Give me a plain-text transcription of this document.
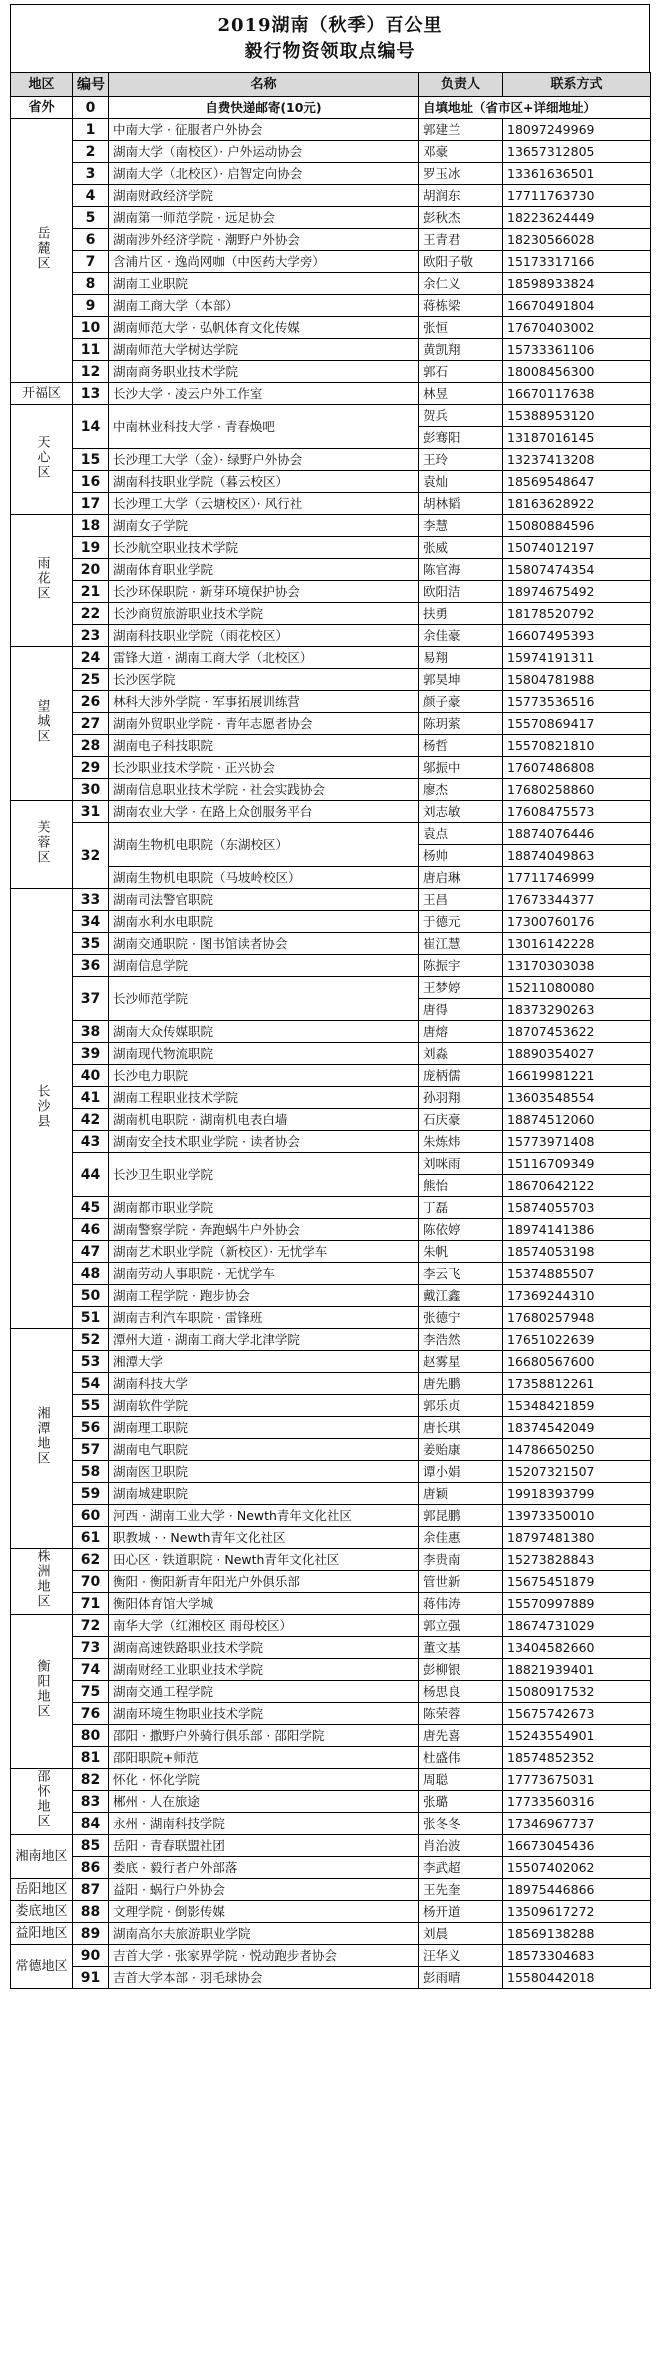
2019湖南（秋季）百公里
毅行物资领取点编号
地区	编号	名称	负责人	联系方式
省外	0	自费快递邮寄(10元)	自填地址（省市区+详细地址）	
岳麓区	1	中南大学 · 征服者户外协会	郭建兰	18097249969
	2	湖南大学（南校区）· 户外运动协会	邓豪	13657312805
	3	湖南大学（北校区）· 启智定向协会	罗玉冰	13361636501
	4	湖南财政经济学院	胡润东	17711763730
	5	湖南第一师范学院 · 远足协会	彭秋杰	18223624449
	6	湖南涉外经济学院 · 潮野户外协会	王青君	18230566028
	7	含浦片区 · 逸尚网咖（中医药大学旁）	欧阳子敬	15173317166
	8	湖南工业职院	余仁义	18598933824
	9	湖南工商大学（本部）	蒋栋梁	16670491804
	10	湖南师范大学 · 弘帆体育文化传媒	张恒	17670403002
	11	湖南师范大学树达学院	黄凯翔	15733361106
	12	湖南商务职业技术学院	郭石	18008456300
开福区	13	长沙大学 · 凌云户外工作室	林昱	16670117638
天心区	14	中南林业科技大学 · 青春焕吧	贺兵	15388953120
			彭骞阳	13187016145
	15	长沙理工大学（金）· 绿野户外协会	王玲	13237413208
	16	湖南科技职业学院（暮云校区）	袁灿	18569548647
	17	长沙理工大学（云塘校区）· 风行社	胡林韬	18163628922
雨花区	18	湖南女子学院	李慧	15080884596
	19	长沙航空职业技术学院	张威	15074012197
	20	湖南体育职业学院	陈官海	15807474354
	21	长沙环保职院 · 新芽环境保护协会	欧阳洁	18974675492
	22	长沙商贸旅游职业技术学院	扶勇	18178520792
	23	湖南科技职业学院（雨花校区）	余佳豪	16607495393
望城区	24	雷锋大道 · 湖南工商大学（北校区）	易翔	15974191311
	25	长沙医学院	郭昊坤	15804781988
	26	林科大涉外学院 · 军事拓展训练营	颜子豪	15773536516
	27	湖南外贸职业学院 · 青年志愿者协会	陈玥萦	15570869417
	28	湖南电子科技职院	杨哲	15570821810
	29	长沙职业技术学院 · 正兴协会	邬振中	17607486808
	30	湖南信息职业技术学院 · 社会实践协会	廖杰	17680258860
芙蓉区	31	湖南农业大学 · 在路上众创服务平台	刘志敏	17608475573
	32	湖南生物机电职院（东湖校区）	袁点	18874076446
			杨帅	18874049863
		湖南生物机电职院（马坡岭校区）	唐启琳	17711746999
长沙县	33	湖南司法警官职院	王昌	17673344377
	34	湖南水利水电职院	于德元	17300760176
	35	湖南交通职院 · 图书馆读者协会	崔江慧	13016142228
	36	湖南信息学院	陈振宇	13170303038
	37	长沙师范学院	王梦婷	15211080080
			唐得	18373290263
	38	湖南大众传媒职院	唐熔	18707453622
	39	湖南现代物流职院	刘淼	18890354027
	40	长沙电力职院	庞柄儒	16619981221
	41	湖南工程职业技术学院	孙羽翔	13603548554
	42	湖南机电职院 · 湖南机电表白墙	石庆豪	18874512060
	43	湖南安全技术职业学院 · 读者协会	朱炼炜	15773971408
	44	长沙卫生职业学院	刘咪雨	15116709349
			熊怡	18670642122
	45	湖南都市职业学院	丁磊	15874055703
	46	湖南警察学院 · 奔跑蜗牛户外协会	陈依婷	18974141386
	47	湖南艺术职业学院（新校区）· 无忧学车	朱帆	18574053198
	48	湖南劳动人事职院 · 无忧学车	李云飞	15374885507
	50	湖南工程学院 · 跑步协会	戴江鑫	17369244310
	51	湖南吉利汽车职院 · 雷锋班	张德宁	17680257948
湘潭地区	52	潭州大道 · 湖南工商大学北津学院	李浩然	17651022639
	53	湘潭大学	赵雾星	16680567600
	54	湖南科技大学	唐先鹏	17358812261
	55	湖南软件学院	郭乐贞	15348421859
	56	湖南理工职院	唐长琪	18374542049
	57	湖南电气职院	姜贻康	14786650250
	58	湖南医卫职院	谭小娟	15207321507
	59	湖南城建职院	唐颖	19918393799
	60	河西 · 湖南工业大学 · Newth青年文化社区	郭昆鹏	13973350010
	61	职教城 · · Newth青年文化社区	余佳惠	18797481380
株洲地区	62	田心区 · 铁道职院 · Newth青年文化社区	李贵南	15273828843
	70	衡阳 · 衡阳新青年阳光户外俱乐部	管世新	15675451879
	71	衡阳体育馆大学城	蒋伟涛	15570997889
衡阳地区	72	南华大学（红湘校区 雨母校区）	郭立强	18674731029
	73	湖南高速铁路职业技术学院	董文基	13404582660
	74	湖南财经工业职业技术学院	彭柳银	18821939401
	75	湖南交通工程学院	杨思良	15080917532
	76	湖南环境生物职业技术学院	陈荣蓉	15675742673
	80	邵阳 · 撒野户外骑行俱乐部 · 邵阳学院	唐先喜	15243554901
	81	邵阳职院+师范	杜盛伟	18574852352
邵怀地区	82	怀化 · 怀化学院	周聪	17773675031
	83	郴州 · 人在旅途	张璐	17733560316
	84	永州 · 湖南科技学院	张冬冬	17346967737
湘南地区	85	岳阳 · 青春联盟社团	肖治波	16673045436
	86	娄底 · 毅行者户外部落	李武超	15507402062
岳阳地区	87	益阳 · 蜗行户外协会	王先奎	18975446866
娄底地区	88	文理学院 · 倒影传媒	杨开道	13509617272
益阳地区	89	湖南高尔夫旅游职业学院	刘晨	18569138288
常德地区	90	吉首大学 · 张家界学院 · 悦动跑步者协会	汪华义	18573304683
	91	吉首大学本部 · 羽毛球协会	彭雨晴	15580442018
